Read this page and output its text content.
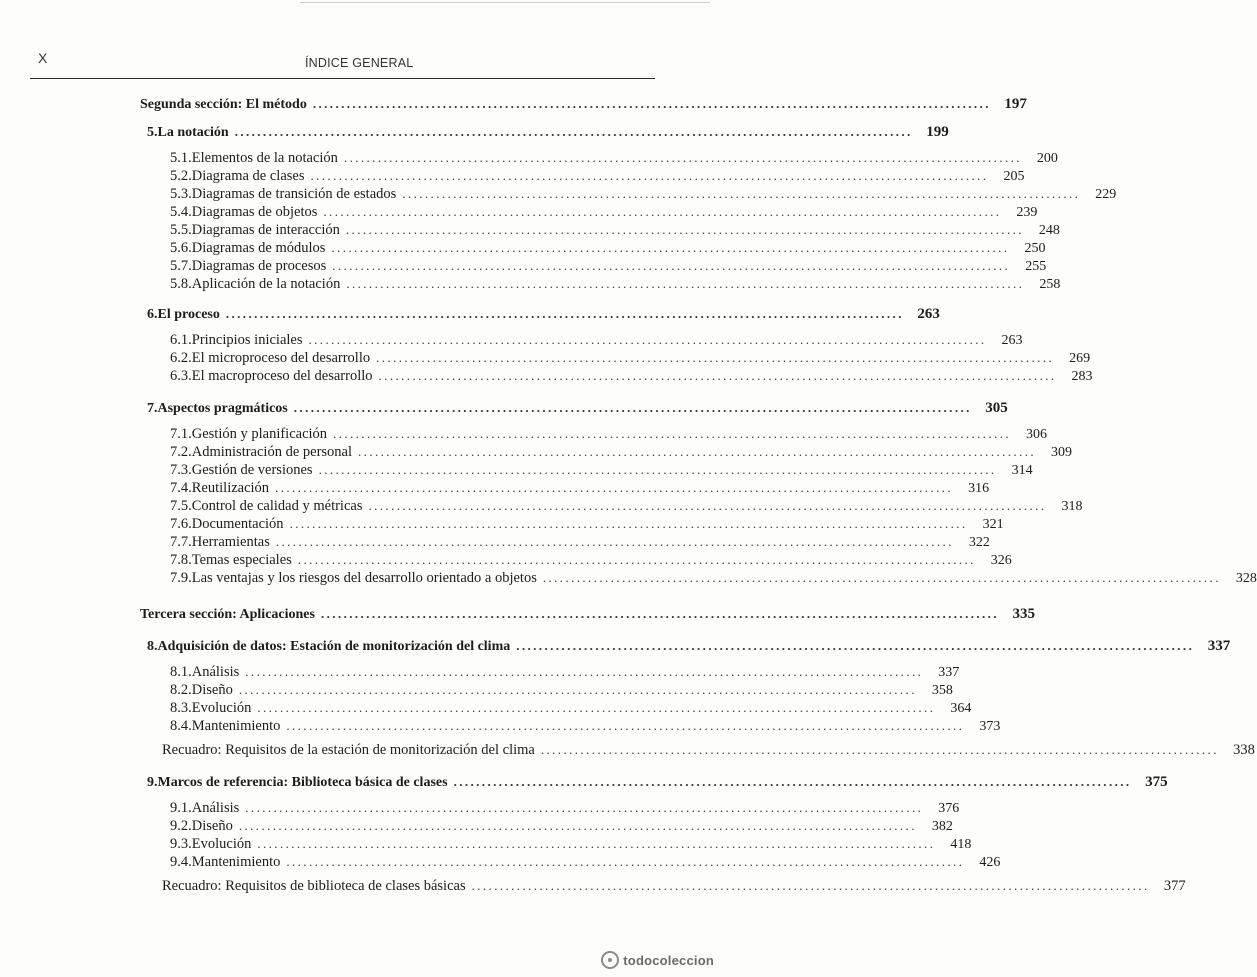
X	ÍNDICE GENERAL
Segunda sección: El método ........................................................................................................................ 197
5. La notación ........................................................................................................................ 199
5.1. Elementos de la notación ........................................................................................................................	200
5.2. Diagrama de clases ........................................................................................................................	205
5.3. Diagramas de transición de estados ........................................................................................................................	229
5.4. Diagramas de objetos ........................................................................................................................	239
5.5. Diagramas de interacción ........................................................................................................................	248
5.6. Diagramas de módulos ........................................................................................................................	250
5.7. Diagramas de procesos ........................................................................................................................	255
5.8. Aplicación de la notación ........................................................................................................................	258
6. El proceso ........................................................................................................................ 263
6.1. Principios iniciales ........................................................................................................................	263
6.2. El microproceso del desarrollo ........................................................................................................................	269
6.3. El macroproceso del desarrollo ........................................................................................................................	283
7. Aspectos pragmáticos ........................................................................................................................ 305
7.1. Gestión y planificación ........................................................................................................................	306
7.2. Administración de personal ........................................................................................................................	309
7.3. Gestión de versiones ........................................................................................................................	314
7.4. Reutilización ........................................................................................................................	316
7.5. Control de calidad y métricas ........................................................................................................................	318
7.6. Documentación ........................................................................................................................	321
7.7. Herramientas ........................................................................................................................	322
7.8. Temas especiales ........................................................................................................................	326
7.9. Las ventajas y los riesgos del desarrollo orientado a objetos ........................................................................................................................	328
Tercera sección: Aplicaciones ........................................................................................................................ 335
8. Adquisición de datos: Estación de monitorización del clima ........................................................................................................................ 337
8.1. Análisis ........................................................................................................................	337
8.2. Diseño ........................................................................................................................	358
8.3. Evolución ........................................................................................................................	364
8.4. Mantenimiento ........................................................................................................................	373
Recuadro: Requisitos de la estación de monitorización del clima ........................................................................................................................ 338
9. Marcos de referencia: Biblioteca básica de clases ........................................................................................................................ 375
9.1. Análisis ........................................................................................................................	376
9.2. Diseño ........................................................................................................................	382
9.3. Evolución ........................................................................................................................	418
9.4. Mantenimiento ........................................................................................................................	426
Recuadro: Requisitos de biblioteca de clases básicas ........................................................................................................................ 377
todocoleccion
